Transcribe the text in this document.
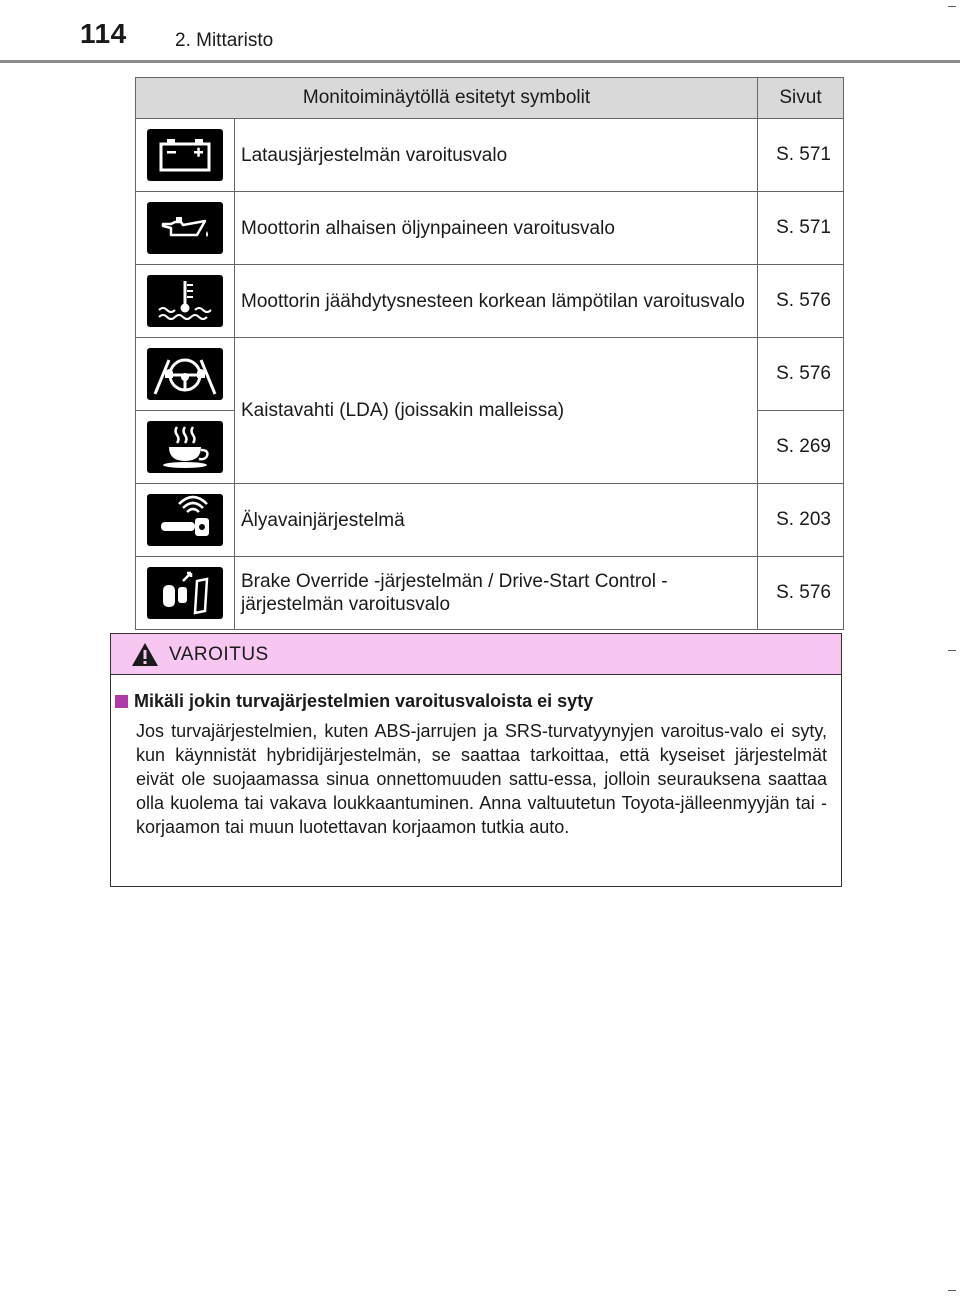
114	2. Mittaristo
Monitoiminäytöllä esitetyt symbolit		Sivut

	Latausjärjestelmän varoitusvalo	S. 571

	Moottorin alhaisen öljynpaineen varoitusvalo	S. 571

	Moottorin jäähdytysnesteen korkean lämpötilan varoitusvalo	S. 576

	Kaistavahti (LDA) (joissakin malleissa)	S. 576

	S. 269

	Älyavainjärjestelmä	S. 203

	Brake Override -järjestelmän / Drive-Start Control -järjestelmän varoitusvalo	S. 576
VAROITUS

Mikäli jokin turvajärjestelmien varoitusvaloista ei syty

Jos turvajärjestelmien, kuten ABS-jarrujen ja SRS-turvatyynyjen varoitus-valo ei syty, kun käynnistät hybridijärjestelmän, se saattaa tarkoittaa, että kyseiset järjestelmät eivät ole suojaamassa sinua onnettomuuden sattu-essa, jolloin seurauksena saattaa olla kuolema tai vakava loukkaantuminen. Anna valtuutetun Toyota-jälleenmyyjän tai -korjaamon tai muun luotettavan korjaamon tutkia auto.
